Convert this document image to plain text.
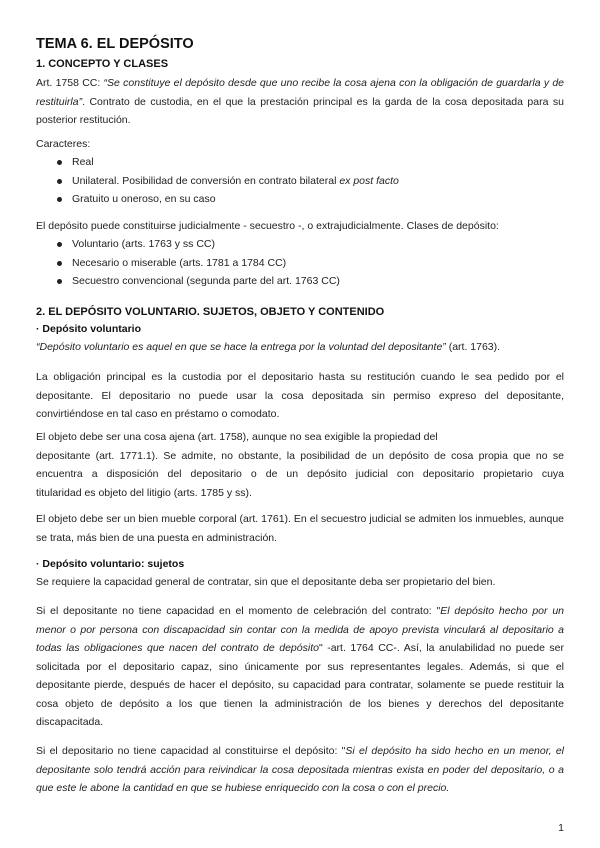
TEMA 6. EL DEPÓSITO
1. CONCEPTO Y CLASES

Art. 1758 CC: “Se constituye el depósito desde que uno recibe la cosa ajena con la obligación de guardarla y de restituirla”. Contrato de custodia, en el que la prestación principal es la garda de la cosa depositada para su posterior restitución.

Caracteres:

Real
Unilateral. Posibilidad de conversión en contrato bilateral ex post facto
Gratuito u oneroso, en su caso

El depósito puede constituirse judicialmente - secuestro -, o extrajudicialmente. Clases de depósito:

Voluntario (arts. 1763 y ss CC)
Necesario o miserable (arts. 1781 a 1784 CC)
Secuestro convencional (segunda parte del art. 1763 CC)
2. EL DEPÓSITO VOLUNTARIO. SUJETOS, OBJETO Y CONTENIDO

· Depósito voluntario

“Depósito voluntario es aquel en que se hace la entrega por la voluntad del depositante” (art. 1763).

La obligación principal es la custodia por el depositario hasta su restitución cuando le sea pedido por el depositante. El depositario no puede usar la cosa depositada sin permiso expreso del depositante, convirtiéndose en tal caso en préstamo o comodato.

El objeto debe ser una cosa ajena (art. 1758), aunque no sea exigible la propiedad del
depositante (art. 1771.1). Se admite, no obstante, la posibilidad de un depósito de cosa propia que no se
encuentra a disposición del depositario o de un depósito judicial con depositario propietario cuya
titularidad es objeto del litigio (arts. 1785 y ss).

El objeto debe ser un bien mueble corporal (art. 1761). En el secuestro judicial se admiten los inmuebles, aunque se trata, más bien de una puesta en administración.

· Depósito voluntario: sujetos

Se requiere la capacidad general de contratar, sin que el depositante deba ser propietario del bien.

Si el depositante no tiene capacidad en el momento de celebración del contrato: "El depósito hecho por un menor o por persona con discapacidad sin contar con la medida de apoyo prevista vinculará al depositario a todas las obligaciones que nacen del contrato de depósito" -art. 1764 CC-. Así, la anulabilidad no puede ser solicitada por el depositario capaz, sino únicamente por sus representantes legales. Además, si que el depositante pierde, después de hacer el depósito, su capacidad para contratar, solamente se puede restituir la cosa objeto de depósito a los que tienen la administración de los bienes y derechos del depositante discapacitada.

Si el depositario no tiene capacidad al constituirse el depósito: "Si el depósito ha sido hecho en un menor, el depositante solo tendrá acción para reivindicar la cosa depositada mientras exista en poder del depositario, o a que este le abone la cantidad en que se hubiese enriquecido con la cosa o con el precio.

1
